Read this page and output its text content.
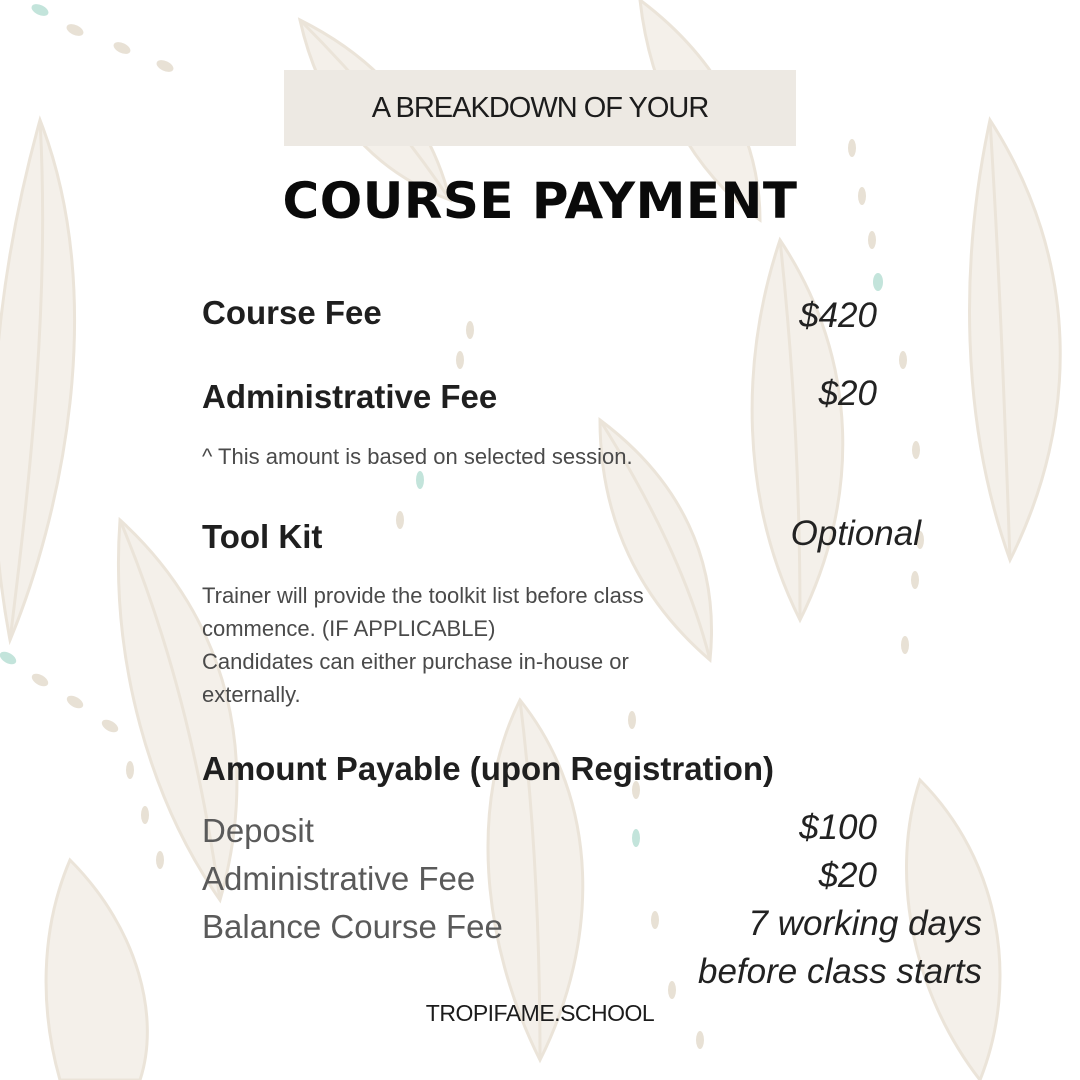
A BREAKDOWN OF YOUR
COURSE PAYMENT
Course Fee	$420
Administrative Fee	$20
^ This amount is based on selected session.
Tool Kit	Optional
Trainer will provide the toolkit list before class
commence. (IF APPLICABLE)
Candidates can either purchase in-house or
externally.
Amount Payable (upon Registration)
Deposit	$100
Administrative Fee	$20
Balance Course Fee	7 working days
before class starts
TROPIFAME.SCHOOL
